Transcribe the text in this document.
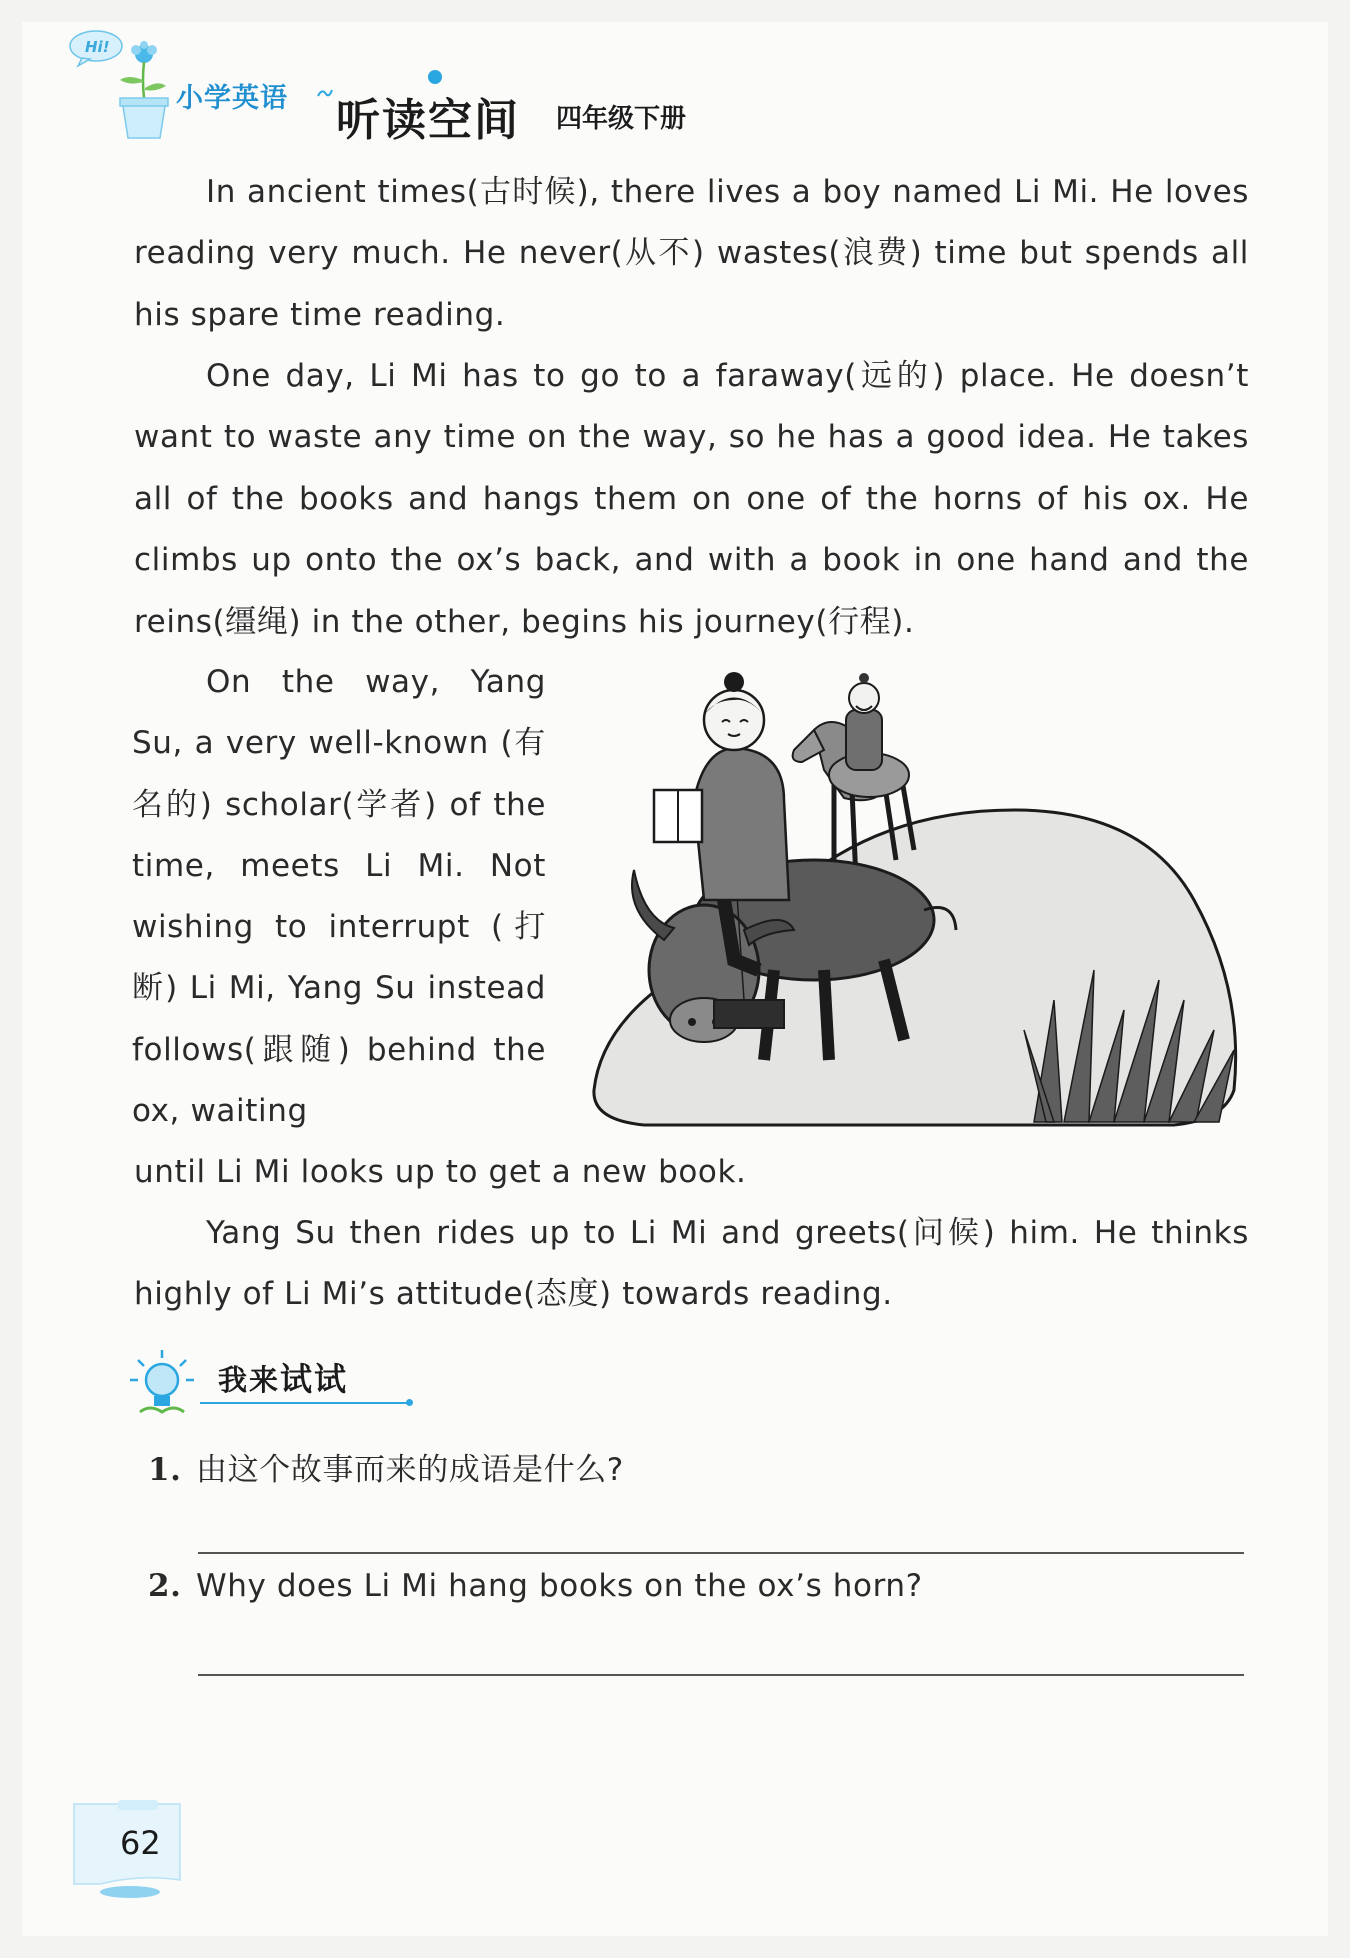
Hi!
小学英语 听读空间 四年级下册

In ancient times(古时候), there lives a boy named Li Mi. He loves reading very much. He never(从不) wastes(浪费) time but spends all his spare time reading.

One day, Li Mi has to go to a faraway(远的) place. He doesn’t want to waste any time on the way, so he has a good idea. He takes all of the books and hangs them on one of the horns of his ox. He climbs up onto the ox’s back, and with a book in one hand and the reins(缰绳) in the other, begins his journey(行程).

On the way, Yang Su, a very well-known (有名的) scholar(学者) of the time, meets Li Mi. Not wishing to interrupt (打断) Li Mi, Yang Su instead follows(跟随) behind the ox, waiting

until Li Mi looks up to get a new book.

Yang Su then rides up to Li Mi and greets(问候) him. He thinks highly of Li Mi’s attitude(态度) towards reading.

我来试试
1. 由这个故事而来的成语是什么?
2. Why does Li Mi hang books on the ox’s horn?
62
